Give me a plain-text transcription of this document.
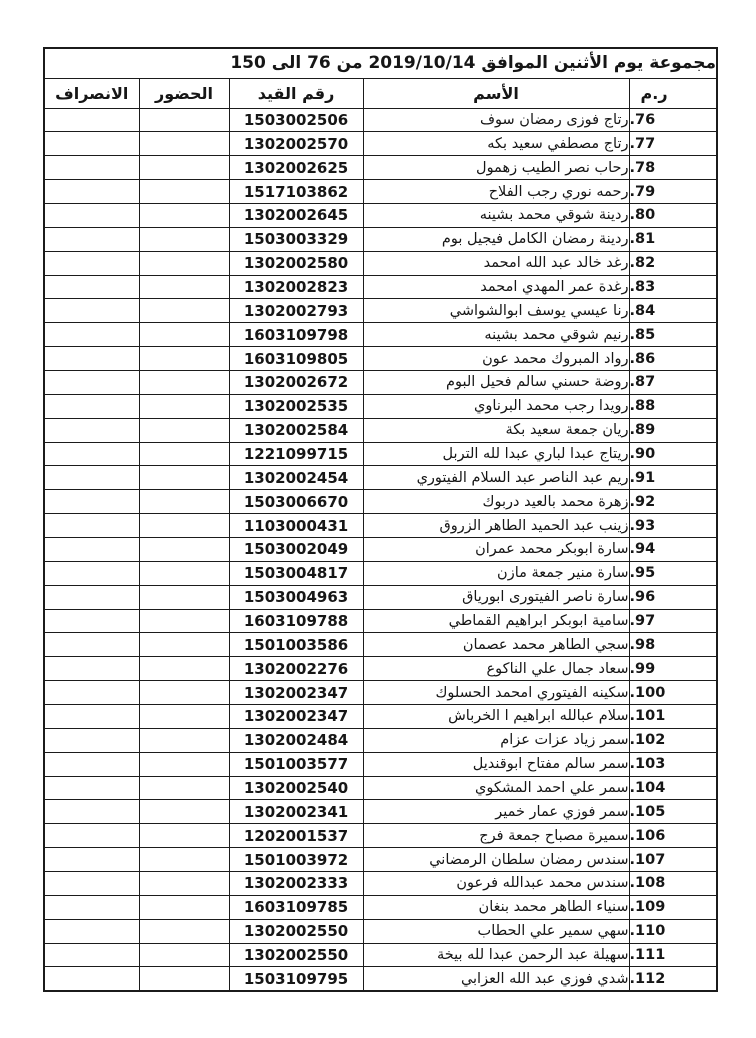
مجموعة يوم الأثنين الموافق 2019/10/14 من 76 الى 150				
ر.م	الأسم	رقم القيد	الحضور	الانصراف
76.	رتاج فوزى رمضان سوف	1503002506		
77.	رتاج مصطفي سعيد بكه	1302002570		
78.	رحاب نصر الطيب زهمول	1302002625		
79.	رحمه نوري رجب الفلاح	1517103862		
80.	ردينة شوقي محمد بشينه	1302002645		
81.	ردينة رمضان الكامل فيجيل بوم	1503003329		
82.	رغد خالد عبد الله امحمد	1302002580		
83.	رغدة عمر المهدي امحمد	1302002823		
84.	رنا عيسي يوسف ابوالشواشي	1302002793		
85.	رنيم شوقي محمد بشينه	1603109798		
86.	رواد المبروك محمد عون	1603109805		
87.	روضة حسني سالم فحيل البوم	1302002672		
88.	رويدا رجب محمد البرناوي	1302002535		
89.	ريان جمعة سعيد بكة	1302002584		
90.	ريتاج عبدا لباري عبدا لله التربل	1221099715		
91.	ريم عبد الناصر عبد السلام الفيتوري	1302002454		
92.	زهرة محمد بالعيد دربوك	1503006670		
93.	زينب عبد الحميد الطاهر الزروق	1103000431		
94.	سارة ابوبكر محمد عمران	1503002049		
95.	سارة منير جمعة مازن	1503004817		
96.	سارة ناصر الفيتورى ابورياق	1503004963		
97.	سامية ابوبكر ابراهيم القماطي	1603109788		
98.	سجي الطاهر محمد عصمان	1501003586		
99.	سعاد جمال علي الناكوع	1302002276		
100.	سكينه الفيتوري امحمد الحسلوك	1302002347		
101.	سلام عبالله ابراهيم ا الخرباش	1302002347		
102.	سمر زياد عزات عزام	1302002484		
103.	سمر سالم مفتاح ابوقنديل	1501003577		
104.	سمر علي احمد المشكوي	1302002540		
105.	سمر فوزي عمار خمير	1302002341		
106.	سميرة مصباح جمعة فرج	1202001537		
107.	سندس رمضان سلطان الرمضاني	1501003972		
108.	سندس محمد عبدالله فرعون	1302002333		
109.	سنياء الطاهر محمد بنغان	1603109785		
110.	سهي سمير علي الحطاب	1302002550		
111.	سهيلة عبد الرحمن عبدا لله بيخة	1302002550		
112.	شدي فوزي عبد الله العزابي	1503109795		
